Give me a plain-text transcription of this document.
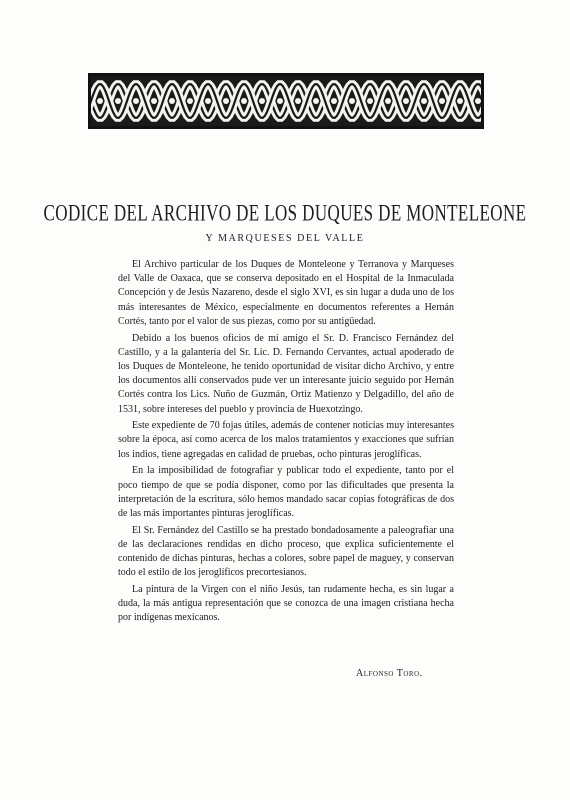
CODICE DEL ARCHIVO DE LOS DUQUES DE MONTELEONE
Y MARQUESES DEL VALLE

El Archivo particular de los Duques de Monteleone y Terranova y Marqueses del Valle de Oaxaca, que se conserva depositado en el Hospital de la Inmaculada Concepción y de Jesús Nazareno, desde el siglo XVI, es sin lugar a duda uno de los más interesantes de México, especialmente en documentos referentes a Hernán Cortés, tanto por el valor de sus piezas, como por su antigüedad.

Debido a los buenos oficios de mi amigo el Sr. D. Francisco Fernández del Castillo, y a la galantería del Sr. Lic. D. Fernando Cervantes, actual apoderado de los Duques de Monteleone, he tenido oportunidad de visitar dicho Archivo, y entre los documentos allí conservados pude ver un interesante juicio seguido por Hernán Cortés contra los Lics. Nuño de Guzmán, Ortiz Matienzo y Delgadillo, del año de 1531, sobre intereses del pueblo y provincia de Huexotzingo.

Este expediente de 70 fojas útiles, además de contener noticias muy interesantes sobre la época, así como acerca de los malos tratamientos y exacciones que sufrían los indios, tiene agregadas en calidad de pruebas, ocho pinturas jeroglíficas.

En la imposibilidad de fotografiar y publicar todo el expediente, tanto por el poco tiempo de que se podía disponer, como por las dificultades que presenta la interpretación de la escritura, sólo hemos mandado sacar copias fotográficas de dos de las más importantes pinturas jeroglíficas.

El Sr. Fernández del Castillo se ha prestado bondadosamente a paleografiar una de las declaraciones rendidas en dicho proceso, que explica suficientemente el contenido de dichas pinturas, hechas a colores, sobre papel de maguey, y conservan todo el estilo de los jeroglíficos precortesianos.

La pintura de la Virgen con el niño Jesús, tan rudamente hecha, es sin lugar a duda, la más antigua representación que se conozca de una imagen cristiana hecha por indígenas mexicanos.

Alfonso Toro.
